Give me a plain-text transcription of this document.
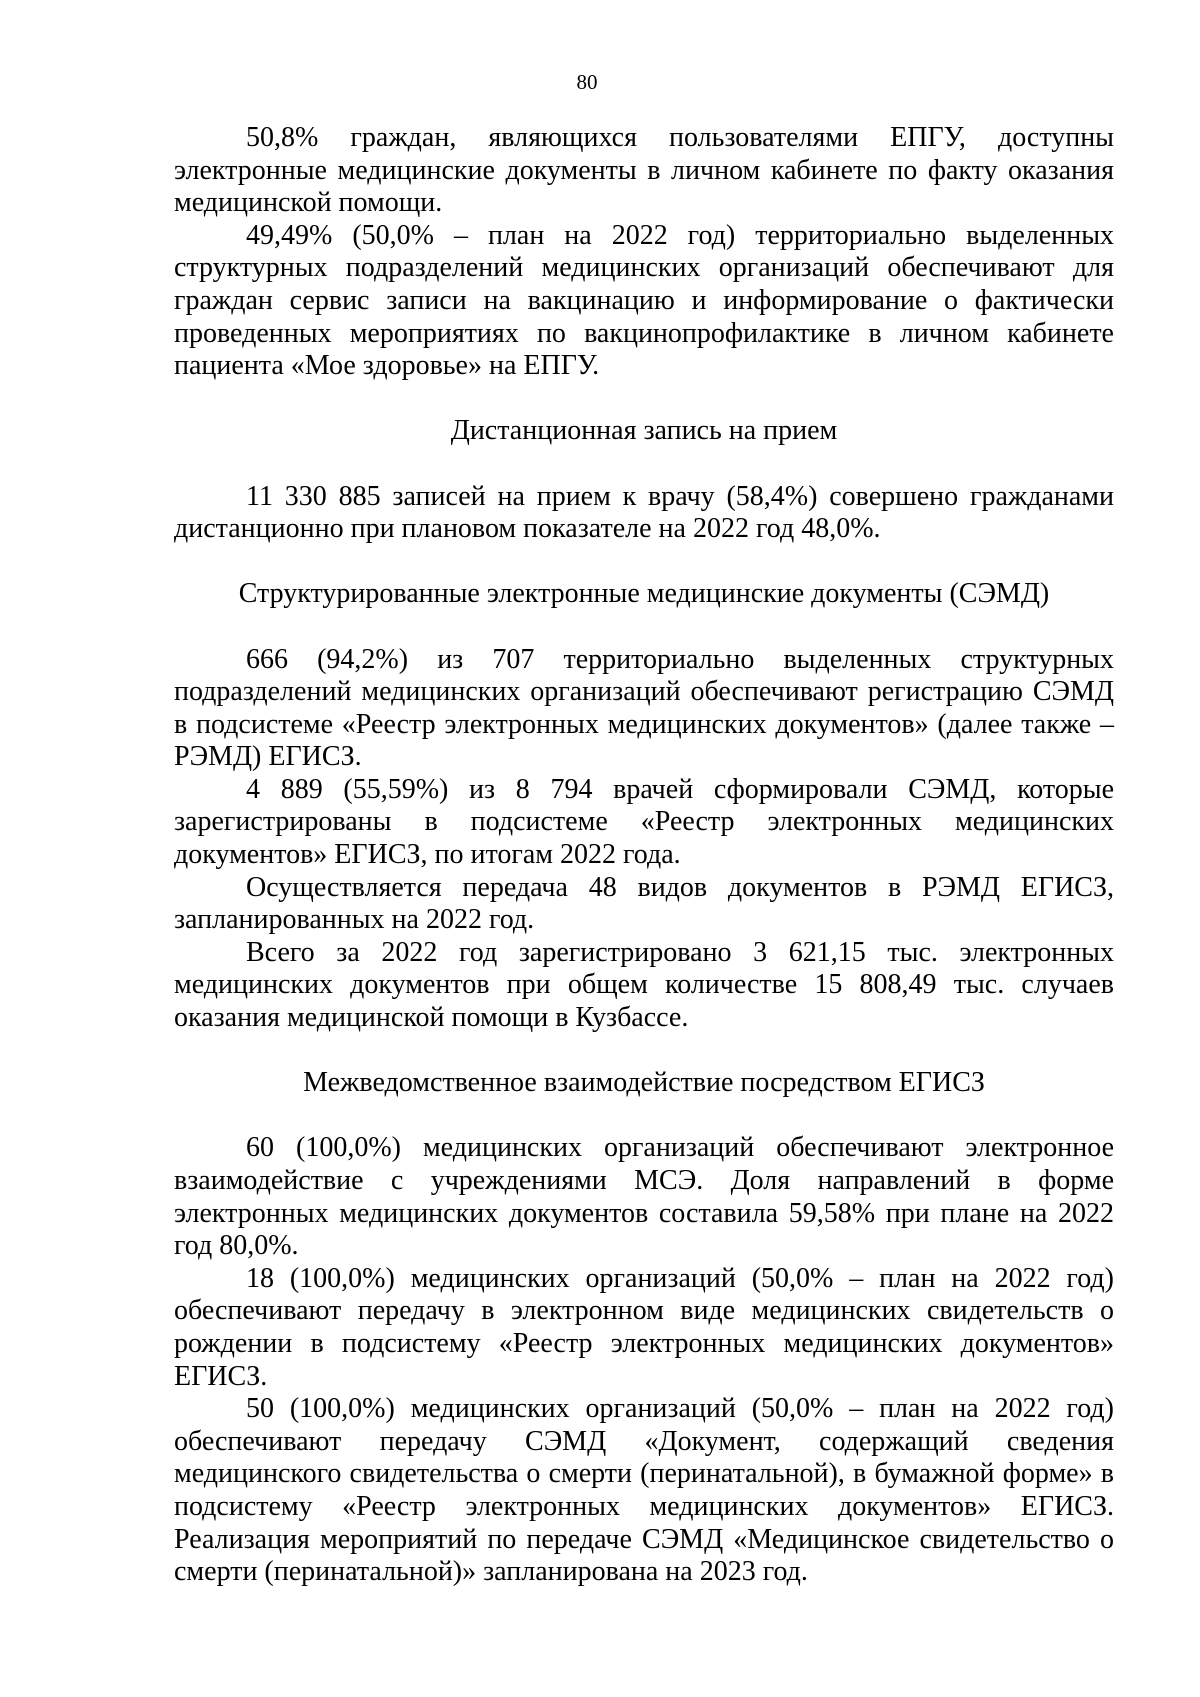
80

50,8% граждан, являющихся пользователями ЕПГУ, доступны электронные медицинские документы в личном кабинете по факту оказания медицинской помощи.

49,49% (50,0% – план на 2022 год) территориально выделенных структурных подразделений медицинских организаций обеспечивают для граждан сервис записи на вакцинацию и информирование о фактически проведенных мероприятиях по вакцинопрофилактике в личном кабинете пациента «Мое здоровье» на ЕПГУ.

Дистанционная запись на прием

11 330 885 записей на прием к врачу (58,4%) совершено гражданами дистанционно при плановом показателе на 2022 год 48,0%.

Структурированные электронные медицинские документы (СЭМД)

666 (94,2%) из 707 территориально выделенных структурных подразделений медицинских организаций обеспечивают регистрацию СЭМД в подсистеме «Реестр электронных медицинских документов» (далее также – РЭМД) ЕГИСЗ.

4 889 (55,59%) из 8 794 врачей сформировали СЭМД, которые зарегистрированы в подсистеме «Реестр электронных медицинских документов» ЕГИСЗ, по итогам 2022 года.

Осуществляется передача 48 видов документов в РЭМД ЕГИСЗ, запланированных на 2022 год.

Всего за 2022 год зарегистрировано 3 621,15 тыс. электронных медицинских документов при общем количестве 15 808,49 тыс. случаев оказания медицинской помощи в Кузбассе.

Межведомственное взаимодействие посредством ЕГИСЗ

60 (100,0%) медицинских организаций обеспечивают электронное взаимодействие с учреждениями МСЭ. Доля направлений в форме электронных медицинских документов составила 59,58% при плане на 2022 год 80,0%.

18 (100,0%) медицинских организаций (50,0% – план на 2022 год) обеспечивают передачу в электронном виде медицинских свидетельств о рождении в подсистему «Реестр электронных медицинских документов» ЕГИСЗ.

50 (100,0%) медицинских организаций (50,0% – план на 2022 год) обеспечивают передачу СЭМД «Документ, содержащий сведения медицинского свидетельства о смерти (перинатальной), в бумажной форме» в подсистему «Реестр электронных медицинских документов» ЕГИСЗ. Реализация мероприятий по передаче СЭМД «Медицинское свидетельство о смерти (перинатальной)» запланирована на 2023 год.
